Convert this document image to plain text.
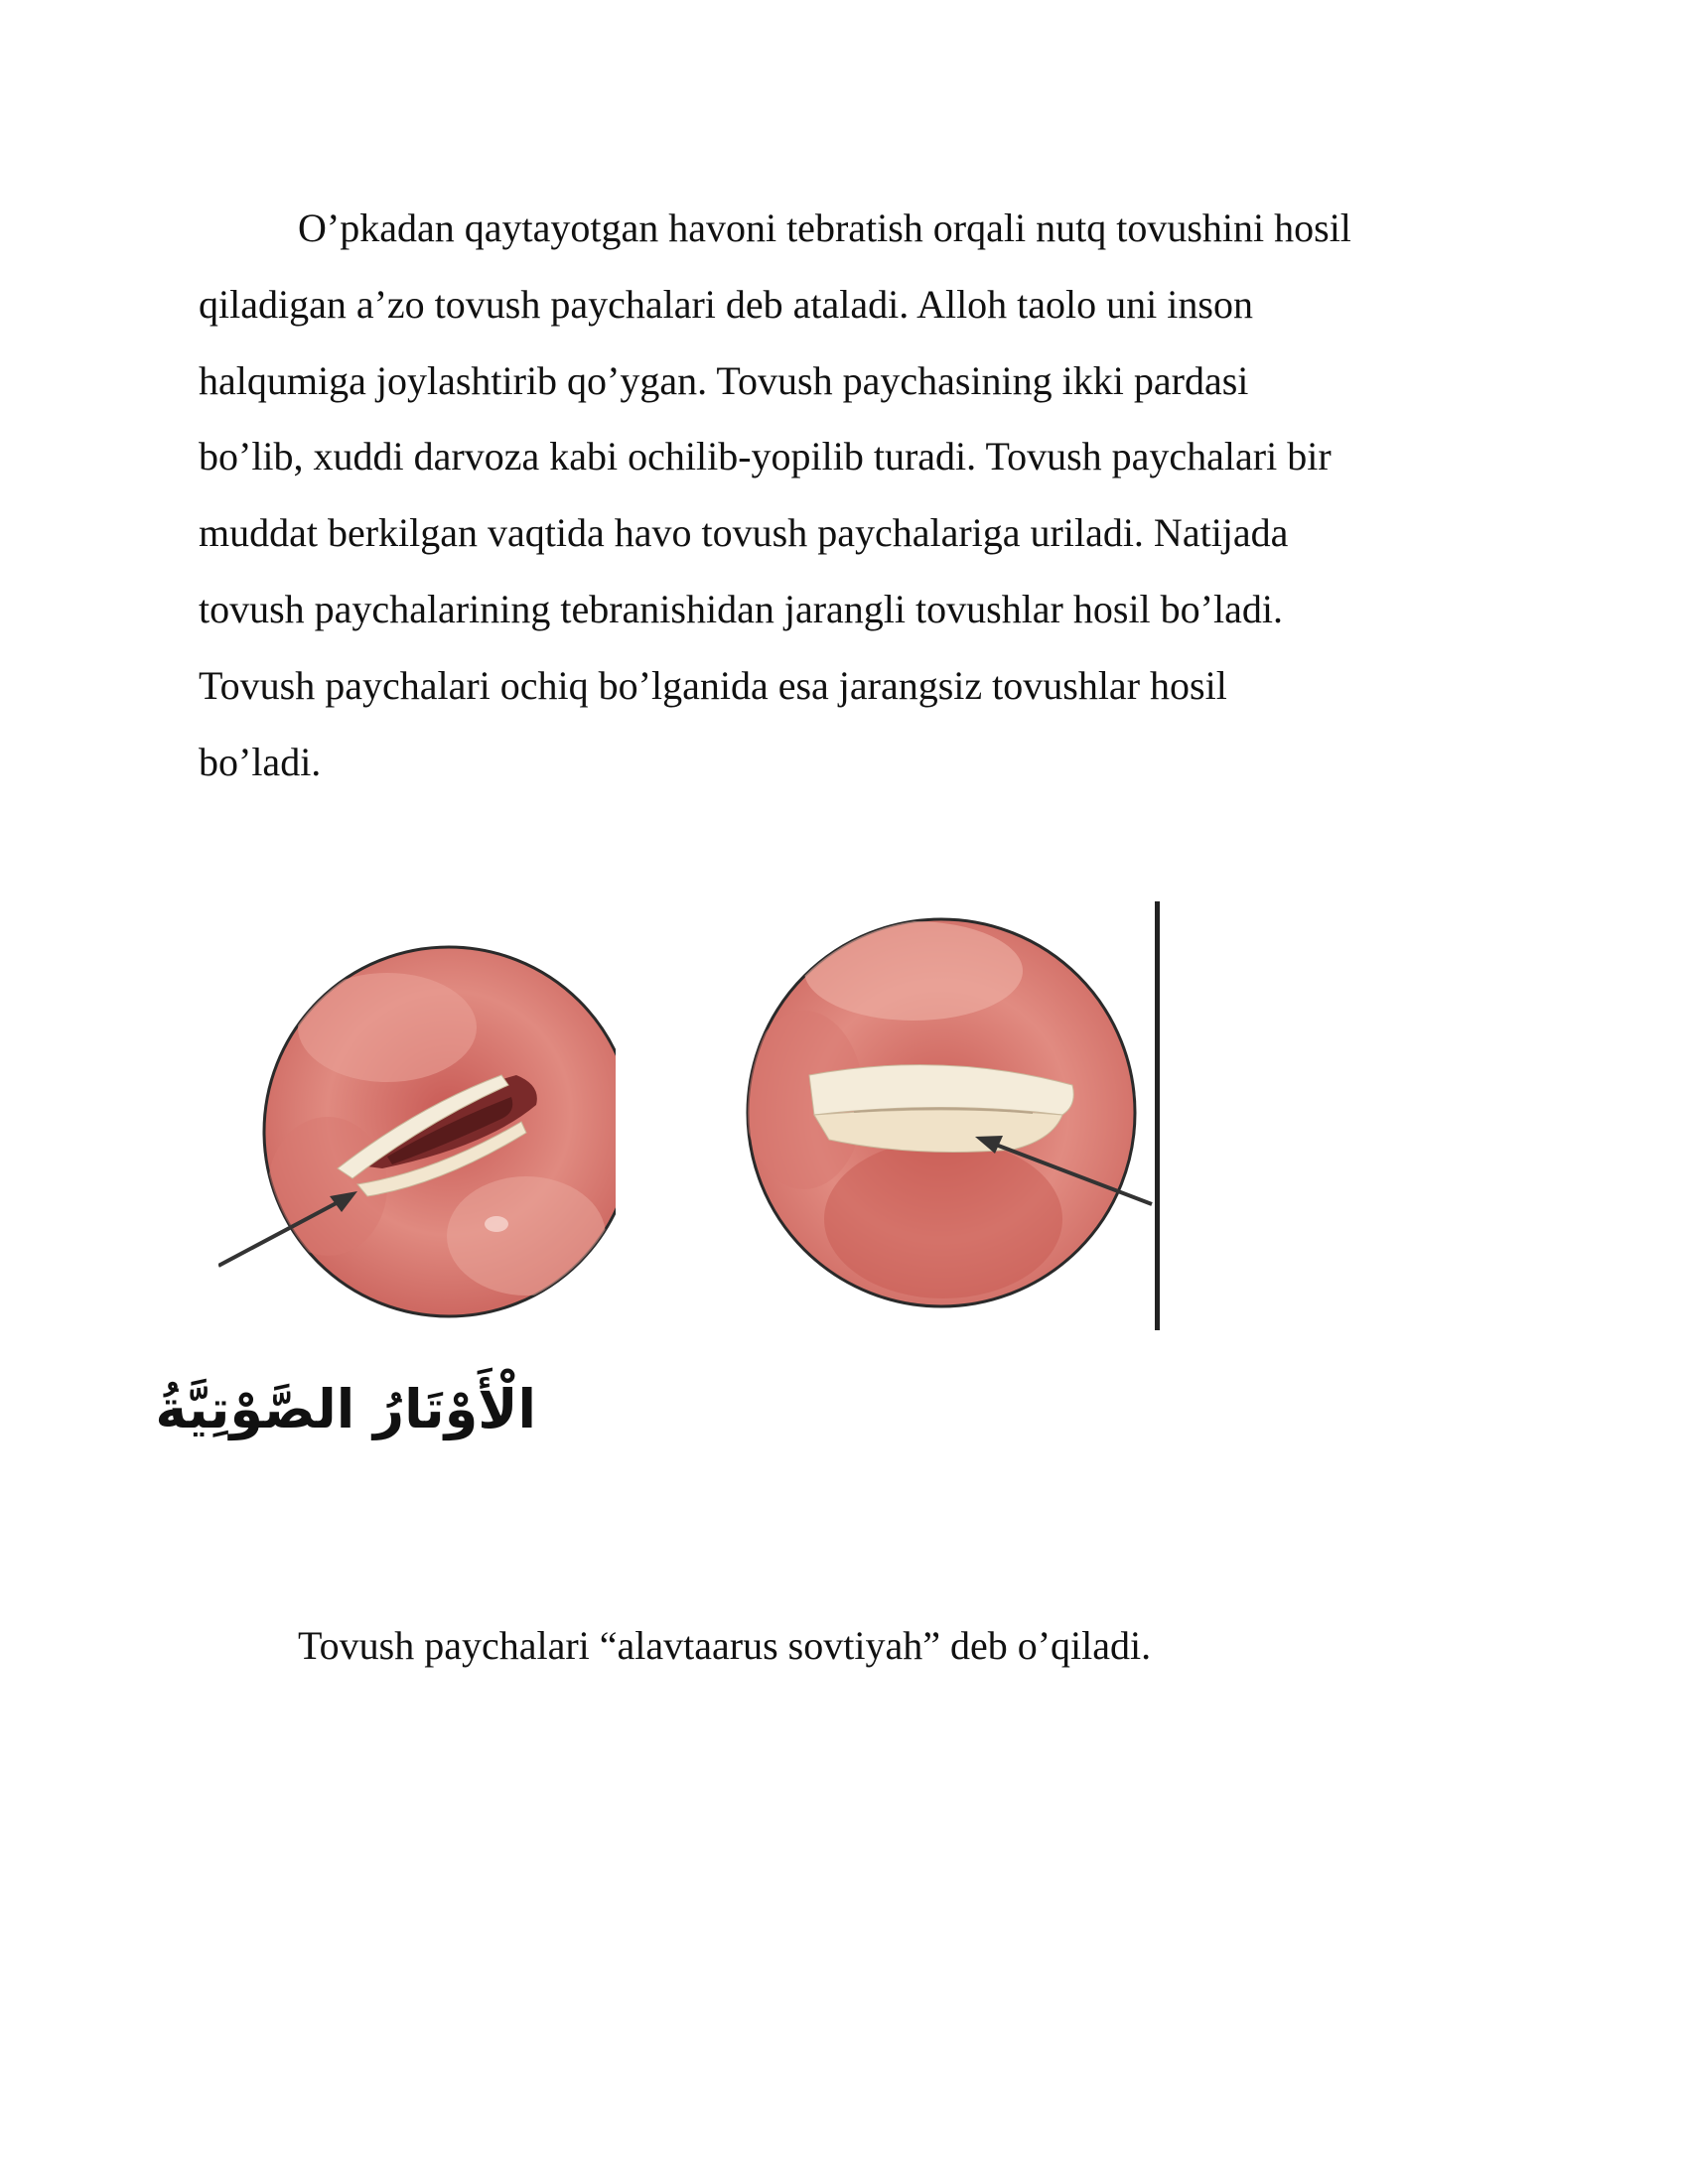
O’pkadan qaytayotgan havoni tebratish orqali nutq tovushini hosil
qiladigan a’zo tovush paychalari deb ataladi. Alloh taolo uni inson
halqumiga joylashtirib qo’ygan. Tovush paychasining ikki pardasi
bo’lib, xuddi darvoza kabi ochilib-yopilib turadi. Tovush paychalari bir
muddat berkilgan vaqtida havo tovush paychalariga uriladi. Natijada
tovush paychalarining tebranishidan jarangli tovushlar hosil bo’ladi.
Tovush paychalari ochiq bo’lganida esa jarangsiz tovushlar hosil
bo’ladi.

الْأَوْتَارُ الصَّوْتِيَّةُ

Tovush paychalari “alavtaarus sovtiyah” deb o’qiladi.
